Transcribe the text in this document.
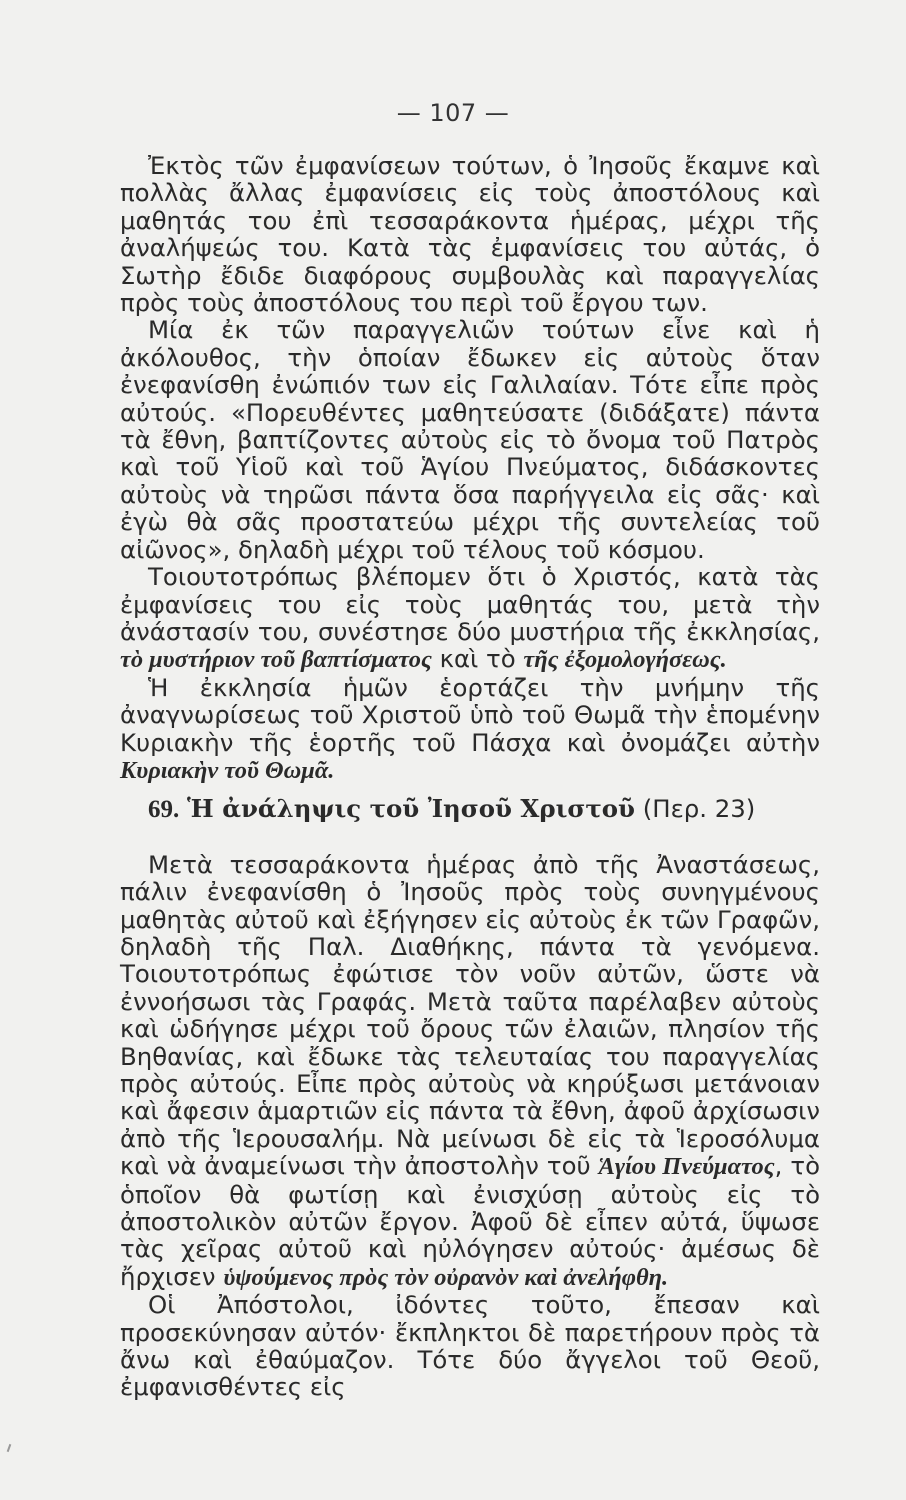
— 107 —

Ἐκτὸς τῶν ἐμφανίσεων τούτων, ὁ Ἰησοῦς ἔκαμνε καὶ πολλὰς ἄλλας ἐμφανίσεις εἰς τοὺς ἀποστόλους καὶ μαθητάς του ἐπὶ τεσσαράκοντα ἡμέρας, μέχρι τῆς ἀναλήψεώς του. Κατὰ τὰς ἐμφανίσεις του αὐτάς, ὁ Σωτὴρ ἔδιδε διαφόρους συμβουλὰς καὶ παραγγελίας πρὸς τοὺς ἀποστόλους του περὶ τοῦ ἔργου των.

Μία ἐκ τῶν παραγγελιῶν τούτων εἶνε καὶ ἡ ἀκόλουθος, τὴν ὁποίαν ἔδωκεν εἰς αὐτοὺς ὅταν ἐνεφανίσθη ἐνώπιόν των εἰς Γαλιλαίαν. Τότε εἶπε πρὸς αὐτούς. «Πορευθέντες μαθητεύσατε (διδάξατε) πάντα τὰ ἔθνη, βαπτίζοντες αὐτοὺς εἰς τὸ ὄνομα τοῦ Πατρὸς καὶ τοῦ Υἱοῦ καὶ τοῦ Ἁγίου Πνεύματος, διδάσκοντες αὐτοὺς νὰ τηρῶσι πάντα ὅσα παρήγγειλα εἰς σᾶς· καὶ ἐγὼ θὰ σᾶς προστατεύω μέχρι τῆς συντελείας τοῦ αἰῶνος», δηλαδὴ μέχρι τοῦ τέλους τοῦ κόσμου.

Τοιουτοτρόπως βλέπομεν ὅτι ὁ Χριστός, κατὰ τὰς ἐμφανίσεις του εἰς τοὺς μαθητάς του, μετὰ τὴν ἀνάστασίν του, συνέστησε δύο μυστήρια τῆς ἐκκλησίας, τὸ μυστήριον τοῦ βαπτίσματος καὶ τὸ τῆς ἐξομολογήσεως.

Ἡ ἐκκλησία ἡμῶν ἑορτάζει τὴν μνήμην τῆς ἀναγνωρίσεως τοῦ Χριστοῦ ὑπὸ τοῦ Θωμᾶ τὴν ἑπομένην Κυριακὴν τῆς ἑορτῆς τοῦ Πάσχα καὶ ὀνομάζει αὐτὴν Κυριακὴν τοῦ Θωμᾶ.

69. Ἡ ἀνάληψις τοῦ Ἰησοῦ Χριστοῦ (Περ. 23)

Μετὰ τεσσαράκοντα ἡμέρας ἀπὸ τῆς Ἀναστάσεως, πάλιν ἐνεφανίσθη ὁ Ἰησοῦς πρὸς τοὺς συνηγμένους μαθητὰς αὐτοῦ καὶ ἐξήγησεν εἰς αὐτοὺς ἐκ τῶν Γραφῶν, δηλαδὴ τῆς Παλ. Διαθήκης, πάντα τὰ γενόμενα. Τοιουτοτρόπως ἐφώτισε τὸν νοῦν αὐτῶν, ὥστε νὰ ἐννοήσωσι τὰς Γραφάς. Μετὰ ταῦτα παρέλαβεν αὐτοὺς καὶ ὡδήγησε μέχρι τοῦ ὄρους τῶν ἐλαιῶν, πλησίον τῆς Βηθανίας, καὶ ἔδωκε τὰς τελευταίας του παραγγελίας πρὸς αὐτούς. Εἶπε πρὸς αὐτοὺς νὰ κηρύξωσι μετάνοιαν καὶ ἄφεσιν ἁμαρτιῶν εἰς πάντα τὰ ἔθνη, ἀφοῦ ἀρχίσωσιν ἀπὸ τῆς Ἱερουσαλήμ. Νὰ μείνωσι δὲ εἰς τὰ Ἱεροσόλυμα καὶ νὰ ἀναμείνωσι τὴν ἀποστολὴν τοῦ Ἁγίου Πνεύματος, τὸ ὁποῖον θὰ φωτίσῃ καὶ ἐνισχύσῃ αὐτοὺς εἰς τὸ ἀποστολικὸν αὐτῶν ἔργον. Ἀφοῦ δὲ εἶπεν αὐτά, ὕψωσε τὰς χεῖρας αὐτοῦ καὶ ηὐλόγησεν αὐτούς· ἀμέσως δὲ ἤρχισεν ὑψούμενος πρὸς τὸν οὐρανὸν καὶ ἀνελήφθη.

Οἱ Ἀπόστολοι, ἰδόντες τοῦτο, ἔπεσαν καὶ προσεκύνησαν αὐτόν· ἔκπληκτοι δὲ παρετήρουν πρὸς τὰ ἄνω καὶ ἐθαύμαζον. Τότε δύο ἄγγελοι τοῦ Θεοῦ, ἐμφανισθέντες εἰς
